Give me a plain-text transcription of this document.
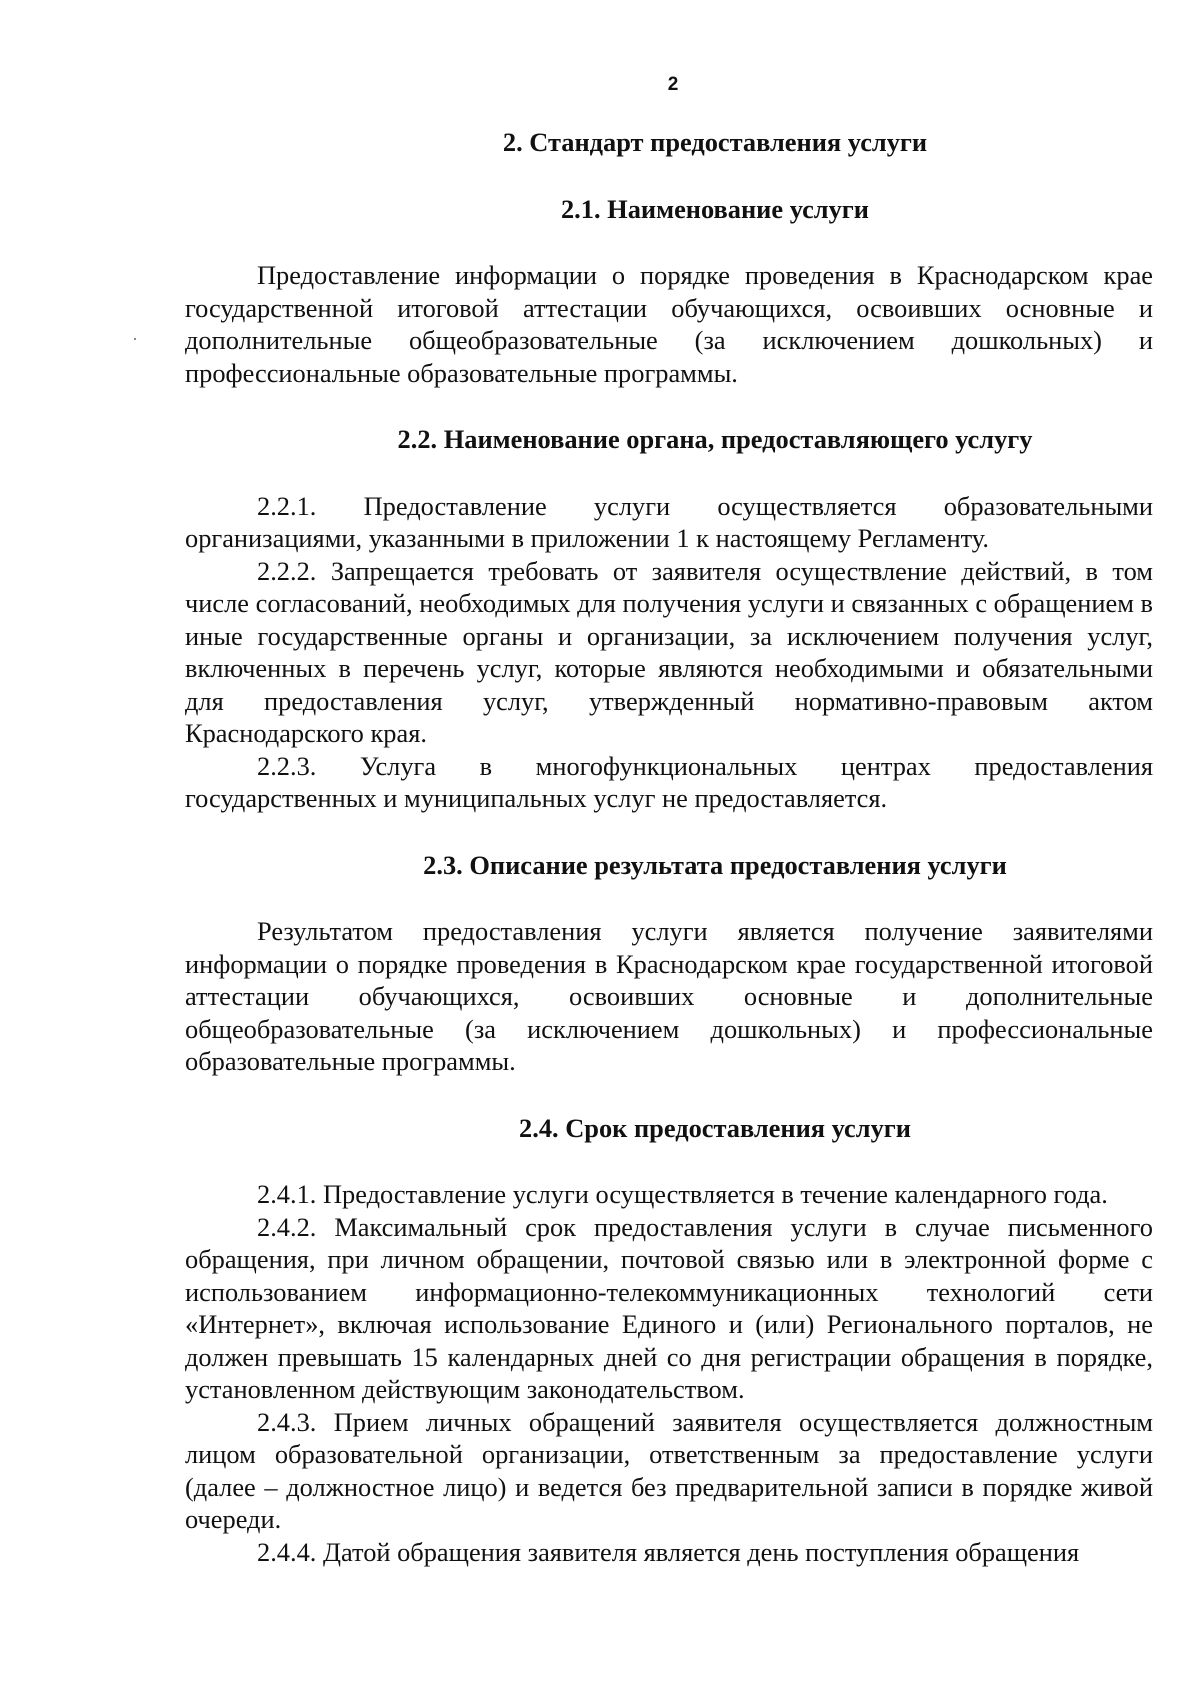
2
2. Стандарт предоставления услуги
2.1. Наименование услуги

Предоставление информации о порядке проведения в Краснодарском крае государственной итоговой аттестации обучающихся, освоивших основные и дополнительные общеобразовательные (за исключением дошкольных) и профессиональные образовательные программы.

2.2. Наименование органа, предоставляющего услугу

2.2.1. Предоставление услуги осуществляется образовательными организациями, указанными в приложении 1 к настоящему Регламенту.

2.2.2. Запрещается требовать от заявителя осуществление действий, в том числе согласований, необходимых для получения услуги и связанных с обращением в иные государственные органы и организации, за исключением получения услуг, включенных в перечень услуг, которые являются необходимыми и обязательными для предоставления услуг, утвержденный нормативно-правовым актом Краснодарского края.

2.2.3. Услуга в многофункциональных центрах предоставления государственных и муниципальных услуг не предоставляется.

2.3. Описание результата предоставления услуги

Результатом предоставления услуги является получение заявителями информации о порядке проведения в Краснодарском крае государственной итоговой аттестации обучающихся, освоивших основные и дополнительные общеобразовательные (за исключением дошкольных) и профессиональные образовательные программы.

2.4. Срок предоставления услуги

2.4.1. Предоставление услуги осуществляется в течение календарного года.

2.4.2. Максимальный срок предоставления услуги в случае письменного обращения, при личном обращении, почтовой связью или в электронной форме с использованием информационно-телекоммуникационных технологий сети «Интернет», включая использование Единого и (или) Регионального порталов, не должен превышать 15 календарных дней со дня регистрации обращения в порядке, установленном действующим законодательством.

2.4.3. Прием личных обращений заявителя осуществляется должностным лицом образовательной организации, ответственным за предоставление услуги (далее – должностное лицо) и ведется без предварительной записи в порядке живой очереди.

2.4.4. Датой обращения заявителя является день поступления обращения
